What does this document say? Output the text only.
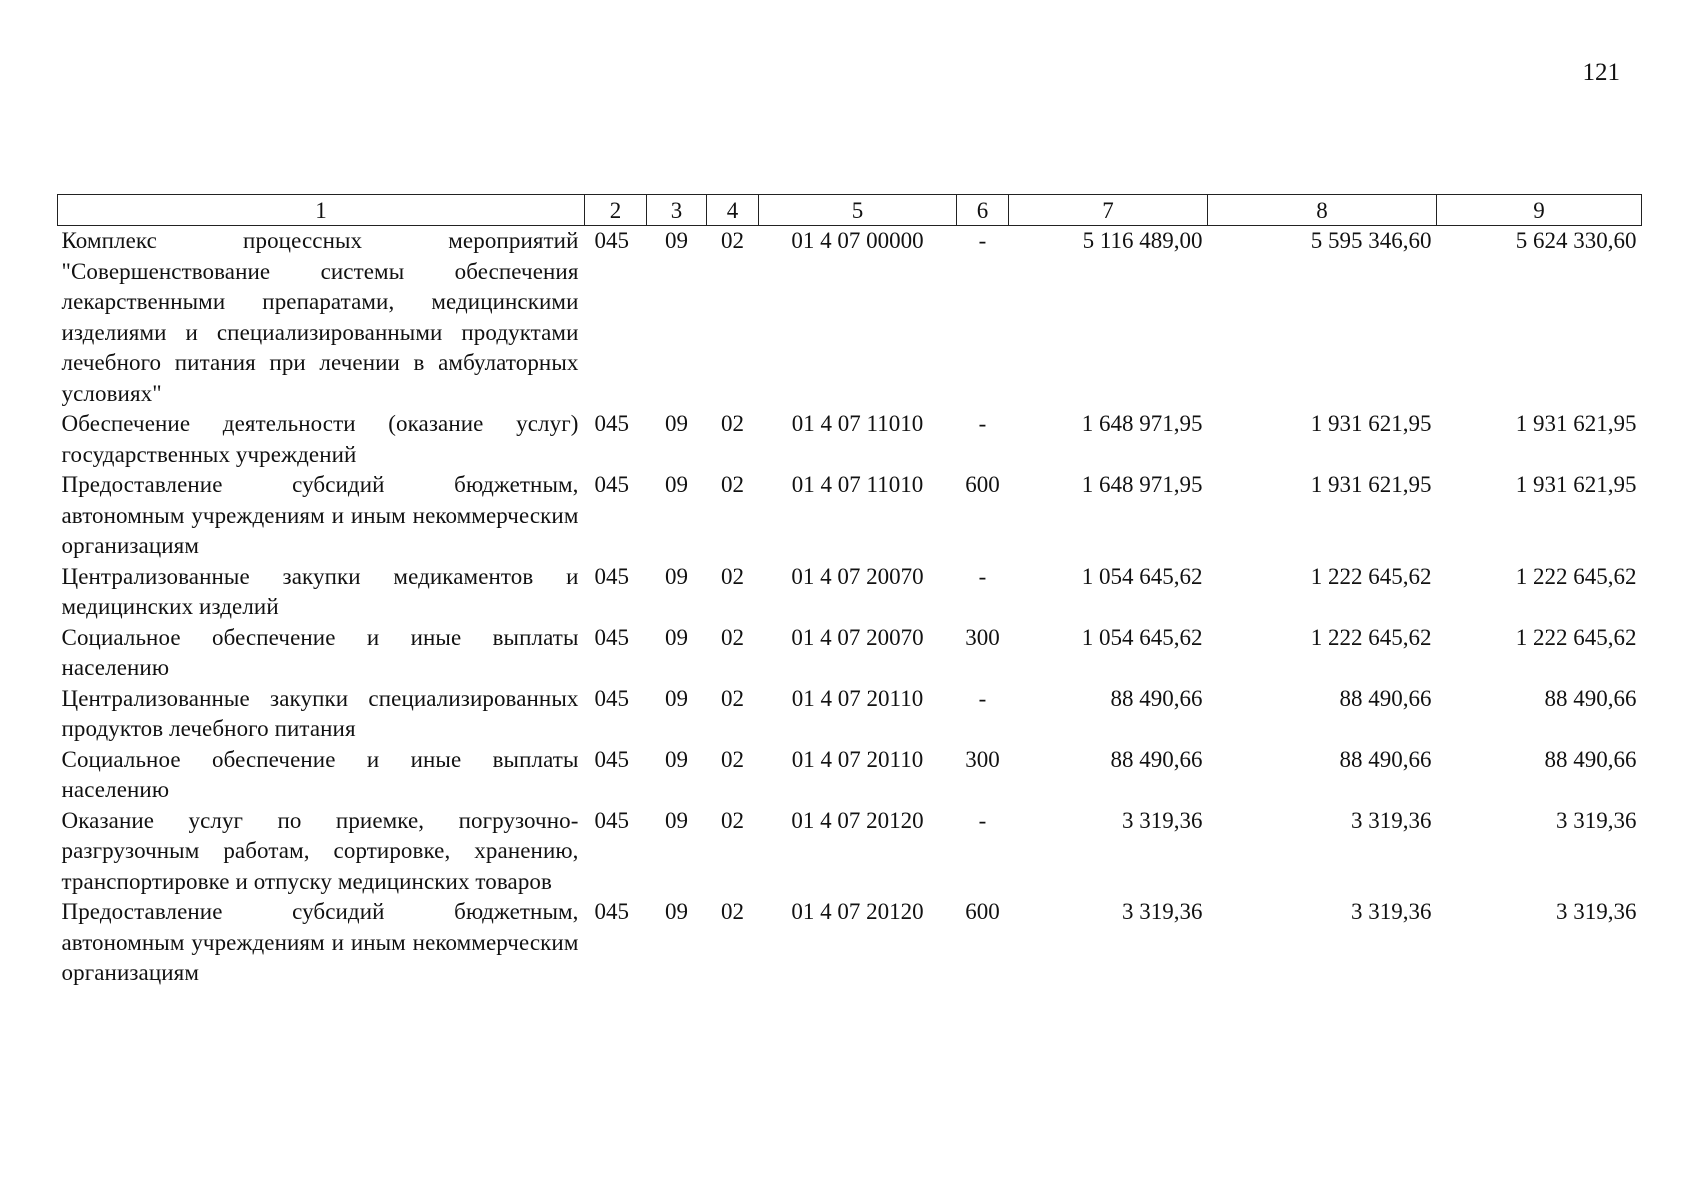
121
1	2	3	4	5	6	7	8	9
Комплекс процессных мероприятий "Совершенствование системы обеспечения лекарственными препаратами, медицинскими изделиями и специализированными продуктами лечебного питания при лечении в амбулаторных условиях"	045	09	02	01 4 07 00000	-	5 116 489,00	5 595 346,60	5 624 330,60
Обеспечение деятельности (оказание услуг) государственных учреждений	045	09	02	01 4 07 11010	-	1 648 971,95	1 931 621,95	1 931 621,95
Предоставление субсидий бюджетным, автономным учреждениям и иным некоммерческим организациям	045	09	02	01 4 07 11010	600	1 648 971,95	1 931 621,95	1 931 621,95
Централизованные закупки медикаментов и медицинских изделий	045	09	02	01 4 07 20070	-	1 054 645,62	1 222 645,62	1 222 645,62
Социальное обеспечение и иные выплаты населению	045	09	02	01 4 07 20070	300	1 054 645,62	1 222 645,62	1 222 645,62
Централизованные закупки специализированных продуктов лечебного питания	045	09	02	01 4 07 20110	-	88 490,66	88 490,66	88 490,66
Социальное обеспечение и иные выплаты населению	045	09	02	01 4 07 20110	300	88 490,66	88 490,66	88 490,66
Оказание услуг по приемке, погрузочно-разгрузочным работам, сортировке, хранению, транспортировке и отпуску медицинских товаров	045	09	02	01 4 07 20120	-	3 319,36	3 319,36	3 319,36
Предоставление субсидий бюджетным, автономным учреждениям и иным некоммерческим организациям	045	09	02	01 4 07 20120	600	3 319,36	3 319,36	3 319,36
